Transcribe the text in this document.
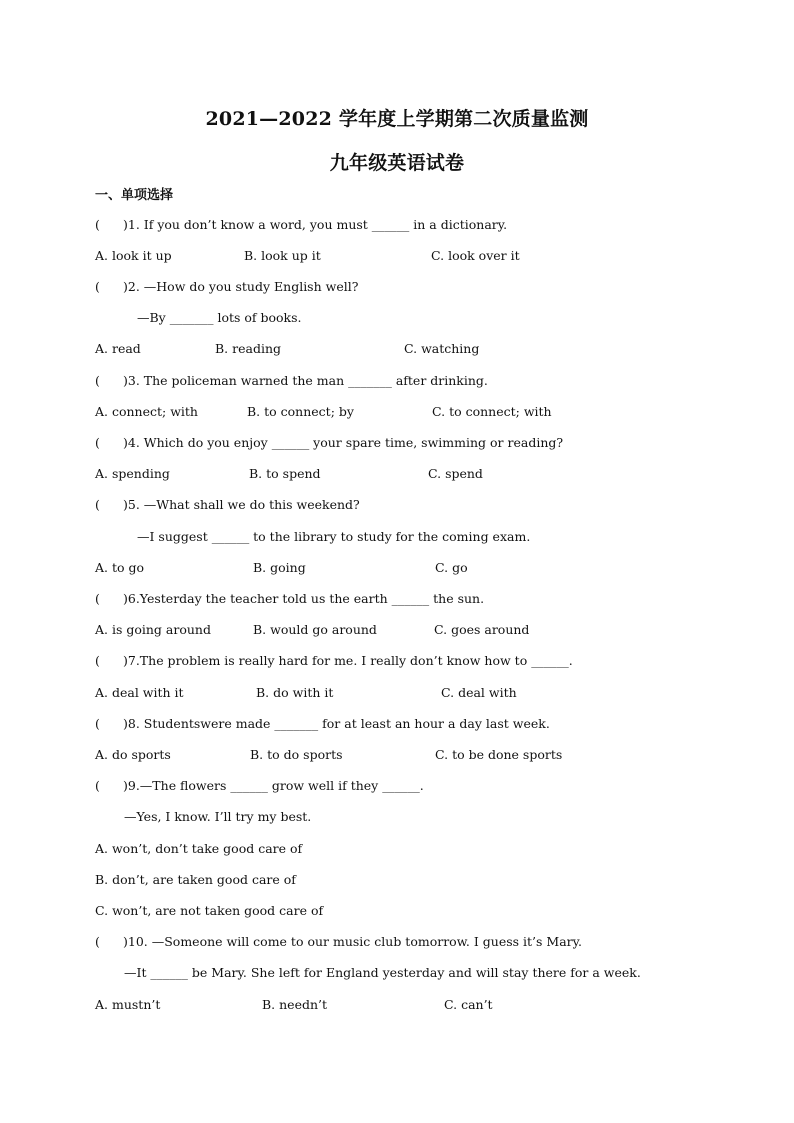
2021—2022 学年度上学期第二次质量监测
九年级英语试卷
一、单项选择
( )1. If you don’t know a word, you must ______ in a dictionary.
A. look it up	B. look up it	C. look over it
( )2. —How do you study English well?
—By _______ lots of books.
A. read	B. reading	C. watching
( )3. The policeman warned the man _______ after drinking.
A. connect; with	B. to connect; by	C. to connect; with
( )4. Which do you enjoy ______ your spare time, swimming or reading?
A. spending	B. to spend	C. spend
( )5. —What shall we do this weekend?
—I suggest ______ to the library to study for the coming exam.
A. to go	B. going	C. go
( )6.Yesterday the teacher told us the earth ______ the sun.
A. is going around	B. would go around	C. goes around
( )7.The problem is really hard for me. I really don’t know how to ______.
A. deal with it	B. do with it	C. deal with
( )8. Studentswere made _______ for at least an hour a day last week.
A. do sports	B. to do sports	C. to be done sports
( )9.—The flowers ______ grow well if they ______.
—Yes, I know. I’ll try my best.
A. won’t, don’t take good care of
B. don’t, are taken good care of
C. won’t, are not taken good care of
( )10. —Someone will come to our music club tomorrow. I guess it’s Mary.
—It ______ be Mary. She left for England yesterday and will stay there for a week.
A. mustn’t	B. needn’t	C. can’t
